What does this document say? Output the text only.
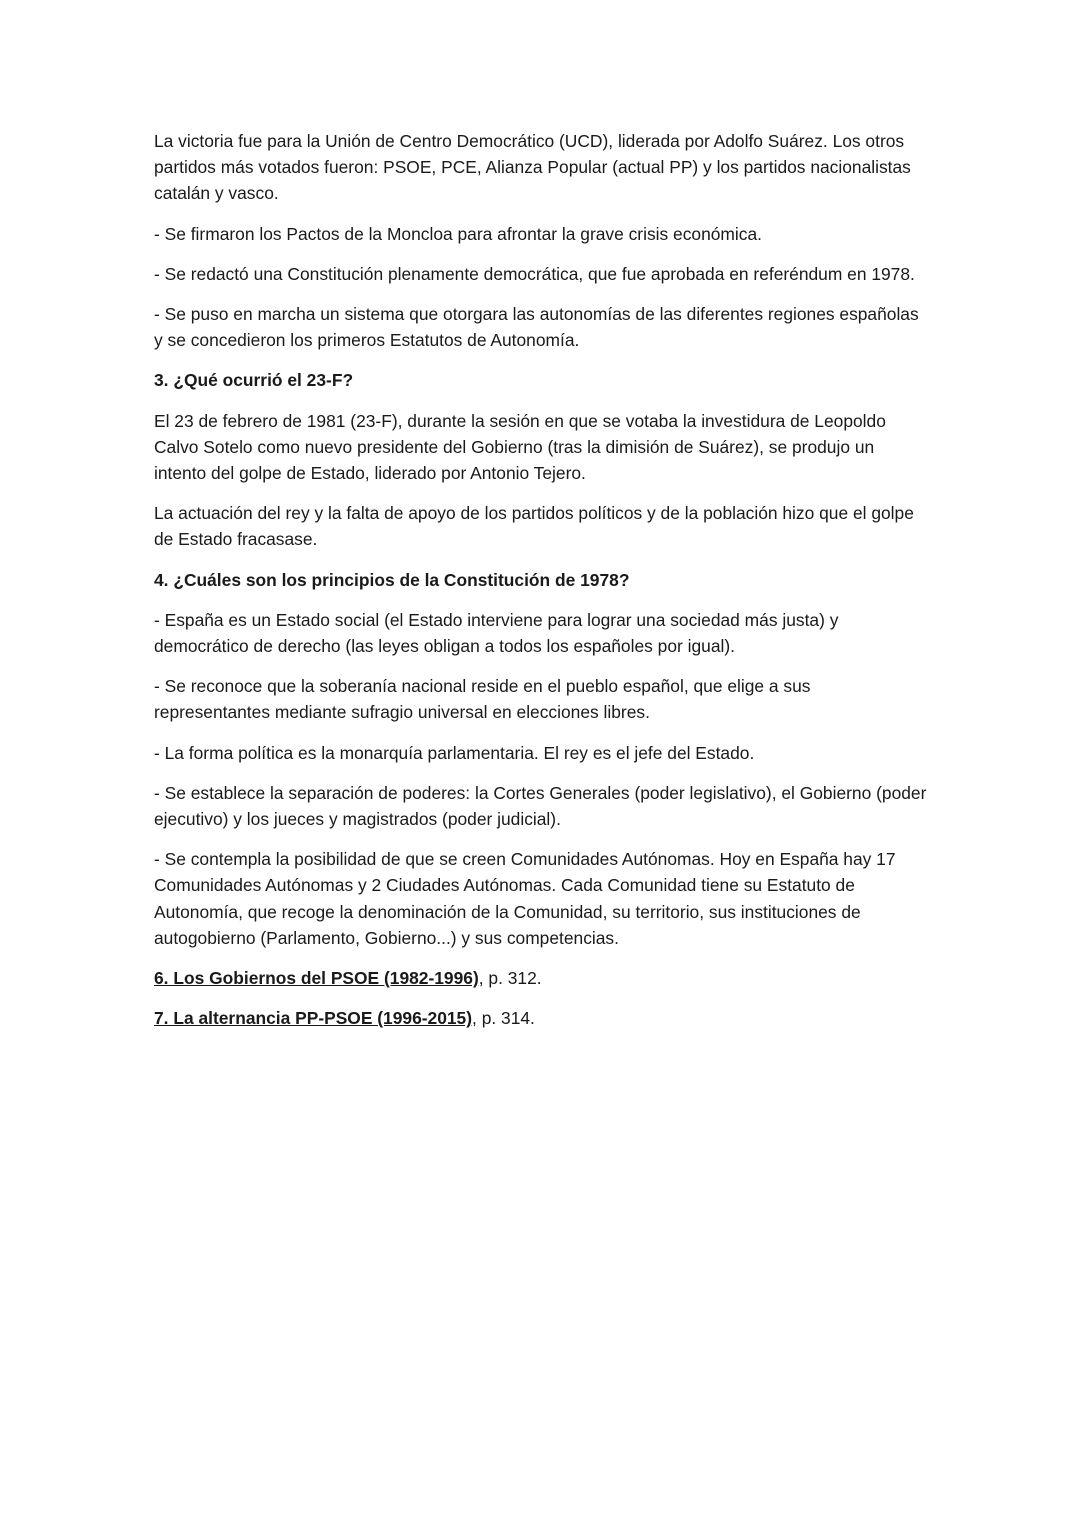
La victoria fue para la Unión de Centro Democrático (UCD), liderada por Adolfo Suárez. Los otros partidos más votados fueron: PSOE, PCE, Alianza Popular (actual PP) y los partidos nacionalistas catalán y vasco.

- Se firmaron los Pactos de la Moncloa para afrontar la grave crisis económica.

- Se redactó una Constitución plenamente democrática, que fue aprobada en referéndum en 1978.

- Se puso en marcha un sistema que otorgara las autonomías de las diferentes regiones españolas y se concedieron los primeros Estatutos de Autonomía.

3. ¿Qué ocurrió el 23-F?

El 23 de febrero de 1981 (23-F), durante la sesión en que se votaba la investidura de Leopoldo Calvo Sotelo como nuevo presidente del Gobierno (tras la dimisión de Suárez), se produjo un intento del golpe de Estado, liderado por Antonio Tejero.

La actuación del rey y la falta de apoyo de los partidos políticos y de la población hizo que el golpe de Estado fracasase.

4. ¿Cuáles son los principios de la Constitución de 1978?

- España es un Estado social (el Estado interviene para lograr una sociedad más justa) y democrático de derecho (las leyes obligan a todos los españoles por igual).

- Se reconoce que la soberanía nacional reside en el pueblo español, que elige a sus representantes mediante sufragio universal en elecciones libres.

- La forma política es la monarquía parlamentaria. El rey es el jefe del Estado.

- Se establece la separación de poderes: la Cortes Generales (poder legislativo), el Gobierno (poder ejecutivo) y los jueces y magistrados (poder judicial).

- Se contempla la posibilidad de que se creen Comunidades Autónomas. Hoy en España hay 17 Comunidades Autónomas y 2 Ciudades Autónomas. Cada Comunidad tiene su Estatuto de Autonomía, que recoge la denominación de la Comunidad, su territorio, sus instituciones de autogobierno (Parlamento, Gobierno...) y sus competencias.

6. Los Gobiernos del PSOE (1982-1996), p. 312.

7. La alternancia PP-PSOE (1996-2015), p. 314.
